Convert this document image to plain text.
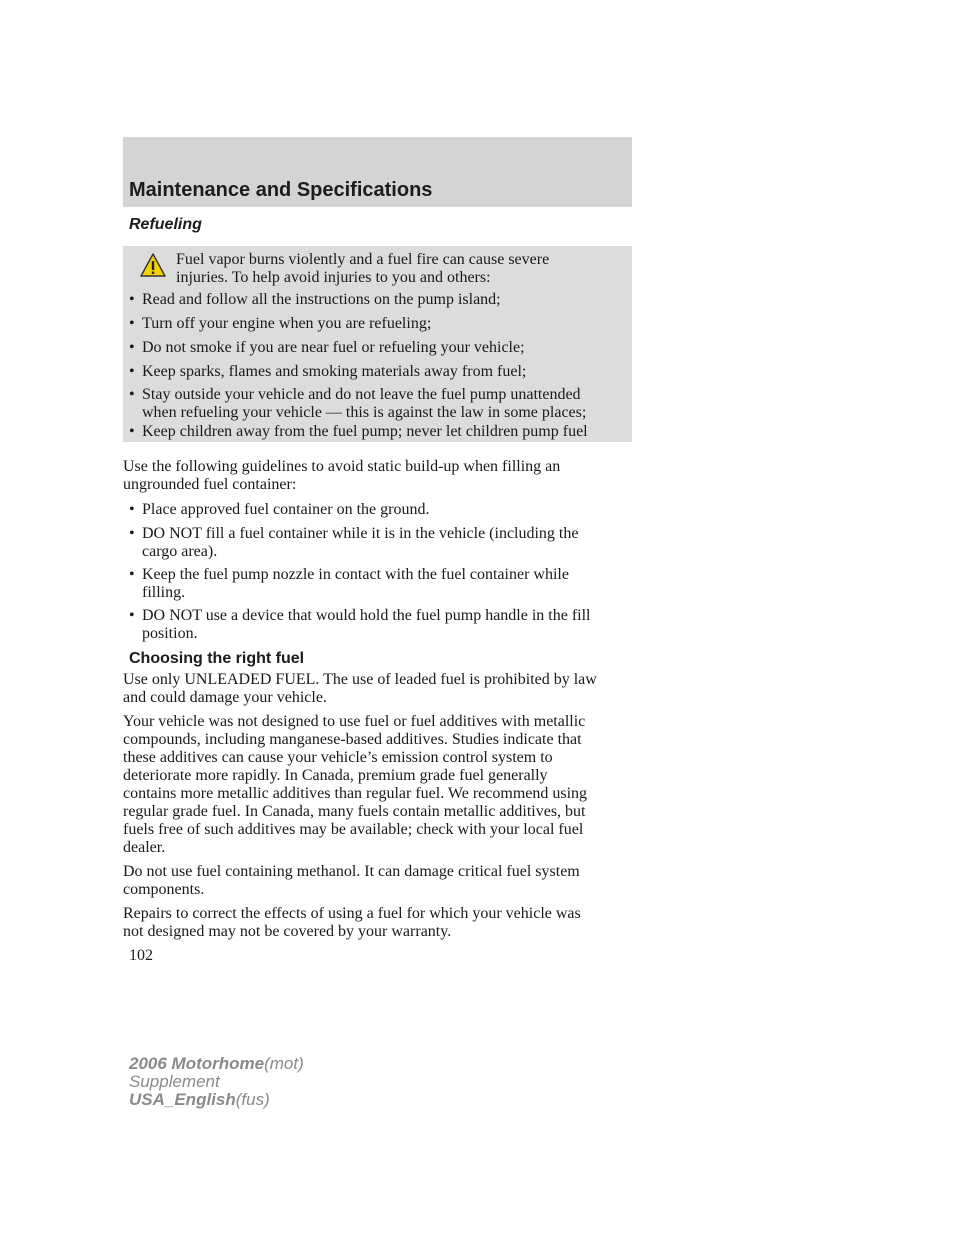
Maintenance and Specifications
Refueling
Fuel vapor burns violently and a fuel fire can cause severe
injuries. To help avoid injuries to you and others:
• Read and follow all the instructions on the pump island;
• Turn off your engine when you are refueling;
• Do not smoke if you are near fuel or refueling your vehicle;
• Keep sparks, flames and smoking materials away from fuel;
• Stay outside your vehicle and do not leave the fuel pump unattended
when refueling your vehicle — this is against the law in some places;
• Keep children away from the fuel pump; never let children pump fuel
Use the following guidelines to avoid static build-up when filling an
ungrounded fuel container:
• Place approved fuel container on the ground.
• DO NOT fill a fuel container while it is in the vehicle (including the
cargo area).
• Keep the fuel pump nozzle in contact with the fuel container while
filling.
• DO NOT use a device that would hold the fuel pump handle in the fill
position.
Choosing the right fuel
Use only UNLEADED FUEL. The use of leaded fuel is prohibited by law
and could damage your vehicle.
Your vehicle was not designed to use fuel or fuel additives with metallic
compounds, including manganese-based additives. Studies indicate that
these additives can cause your vehicle’s emission control system to
deteriorate more rapidly. In Canada, premium grade fuel generally
contains more metallic additives than regular fuel. We recommend using
regular grade fuel. In Canada, many fuels contain metallic additives, but
fuels free of such additives may be available; check with your local fuel
dealer.
Do not use fuel containing methanol. It can damage critical fuel system
components.
Repairs to correct the effects of using a fuel for which your vehicle was
not designed may not be covered by your warranty.
102
2006 Motorhome(mot)
Supplement
USA_English(fus)
